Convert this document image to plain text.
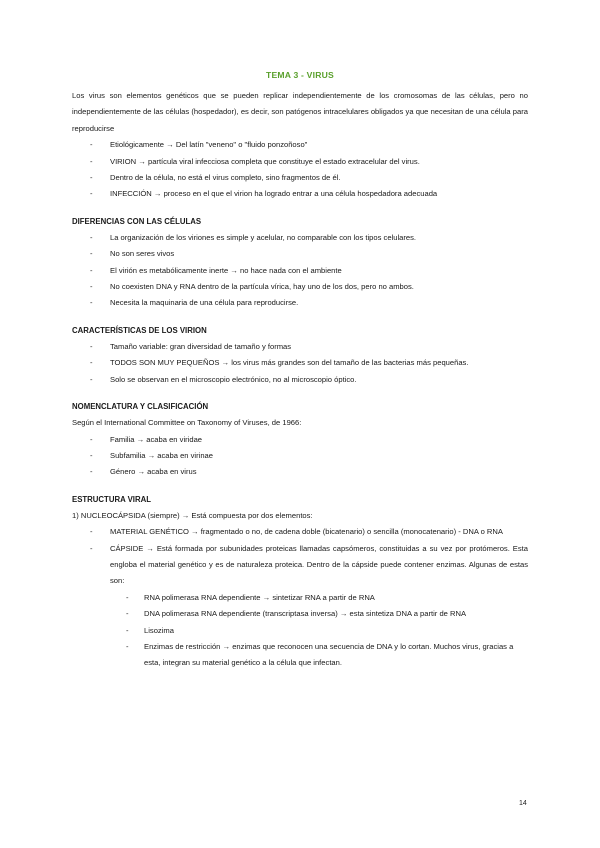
TEMA 3 - VIRUS

Los virus son elementos genéticos que se pueden replicar independientemente de los cromosomas de las células, pero no independientemente de las células (hospedador), es decir, son patógenos intracelulares obligados ya que necesitan de una célula para reproducirse

- Etiológicamente → Del latín "veneno" o "fluido ponzoñoso"
- VIRION → partícula viral infecciosa completa que constituye el estado extracelular del virus.
- Dentro de la célula, no está el virus completo, sino fragmentos de él.
- INFECCIÓN → proceso en el que el virion ha logrado entrar a una célula hospedadora adecuada
DIFERENCIAS CON LAS CÉLULAS
- La organización de los viriones es simple y acelular, no comparable con los tipos celulares.
- No son seres vivos
- El virión es metabólicamente inerte → no hace nada con el ambiente
- No coexisten DNA y RNA dentro de la partícula vírica, hay uno de los dos, pero no ambos.
- Necesita la maquinaria de una célula para reproducirse.
CARACTERÍSTICAS DE LOS VIRION
- Tamaño variable: gran diversidad de tamaño y formas
- TODOS SON MUY PEQUEÑOS → los virus más grandes son del tamaño de las bacterias más pequeñas.
- Solo se observan en el microscopio electrónico, no al microscopio óptico.
NOMENCLATURA Y CLASIFICACIÓN

Según el International Committee on Taxonomy of Viruses, de 1966:

- Familia → acaba en viridae
- Subfamilia → acaba en virinae
- Género → acaba en virus
ESTRUCTURA VIRAL

1) NUCLEOCÁPSIDA (siempre) → Está compuesta por dos elementos:

- MATERIAL GENÉTICO → fragmentado o no, de cadena doble (bicatenario) o sencilla (monocatenario) - DNA o RNA
- CÁPSIDE → Está formada por subunidades proteicas llamadas capsómeros, constituidas a su vez por protómeros. Esta engloba el material genético y es de naturaleza proteica. Dentro de la cápside puede contener enzimas. Algunas de estas son:
- RNA polimerasa RNA dependiente → sintetizar RNA a partir de RNA
- DNA polimerasa RNA dependiente (transcriptasa inversa) → esta sintetiza DNA a partir de RNA
- Lisozima
- Enzimas de restricción → enzimas que reconocen una secuencia de DNA y lo cortan. Muchos virus, gracias a esta, integran su material genético a la célula que infectan.
14
